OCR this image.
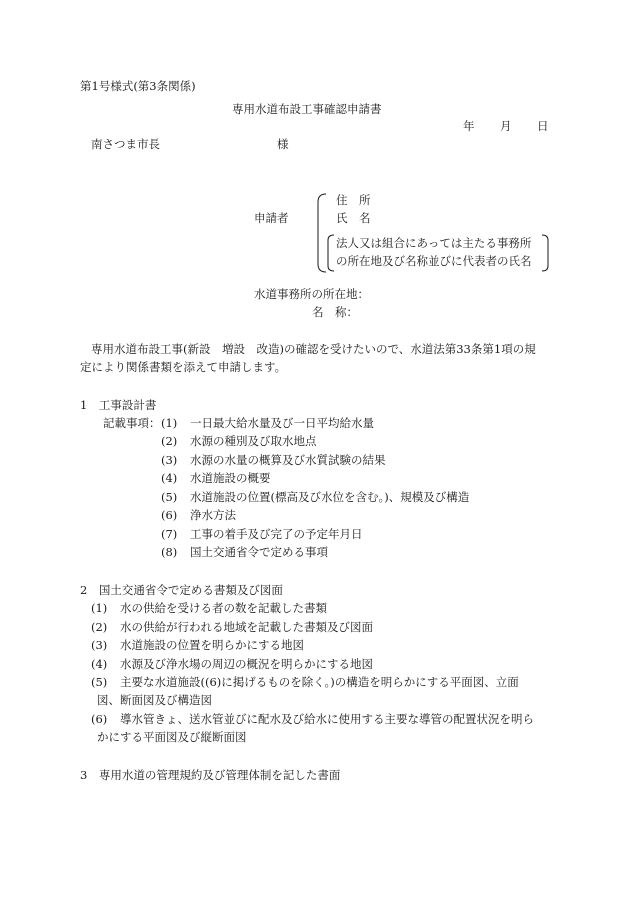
第1号様式(第3条関係)
専用水道布設工事確認申請書
年 月 日
南さつま市長	様
申請者
住　所
氏　名
法人又は組合にあっては主たる事務所
の所在地及び名称並びに代表者の氏名
水道事務所の所在地：
名　称：
専用水道布設工事(新設　増設　改造)の確認を受けたいので、水道法第33条第1項の規
定により関係書類を添えて申請します。
1　工事設計書
記載事項： (1) 一日最大給水量及び一日平均給水量
(2) 水源の種別及び取水地点
(3) 水源の水量の概算及び水質試験の結果
(4) 水道施設の概要
(5) 水道施設の位置(標高及び水位を含む。)、規模及び構造
(6) 浄水方法
(7) 工事の着手及び完了の予定年月日
(8) 国土交通省令で定める事項
2　国土交通省令で定める書類及び図面
(1) 水の供給を受ける者の数を記載した書類
(2) 水の供給が行われる地域を記載した書類及び図面
(3) 水道施設の位置を明らかにする地図
(4) 水源及び浄水場の周辺の概況を明らかにする地図
(5) 主要な水道施設((6)に掲げるものを除く。)の構造を明らかにする平面図、立面
図、断面図及び構造図
(6) 導水管きょ、送水管並びに配水及び給水に使用する主要な導管の配置状況を明ら
かにする平面図及び縦断面図
3　専用水道の管理規約及び管理体制を記した書面
